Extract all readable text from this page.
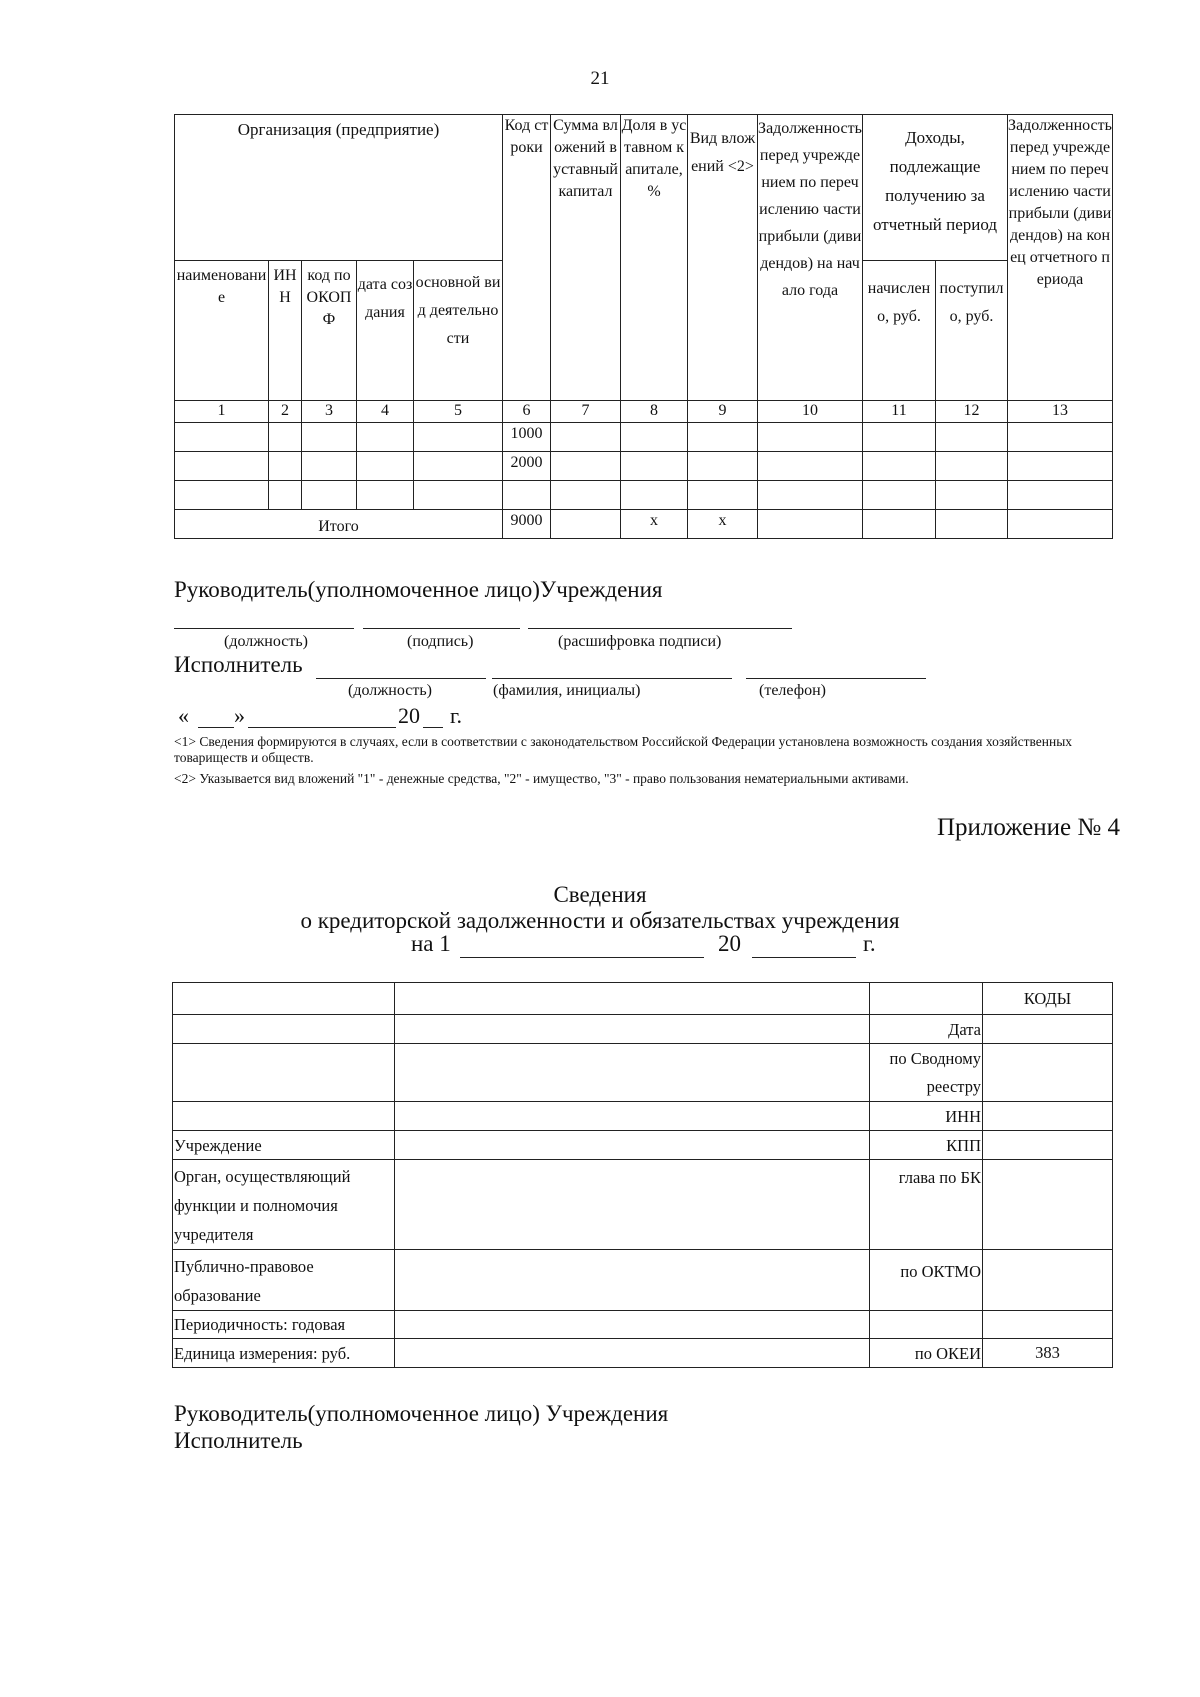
21
Организация (предприятие)					Код строки	Сумма вложений в уставный капитал	Доля в уставном капитале, %	Вид вложений <2>	Задолженность перед учреждением по перечислению части прибыли (дивидендов) на начало года	Доходы, подлежащие получению за отчетный период		Задолженность перед учреждением по перечислению части прибыли (дивидендов) на конец отчетного периода
наименование	ИНН	код по ОКОПФ	дата создания	основной вид деятельности						начислено, руб.	поступило, руб.	
1	2	3	4	5	6	7	8	9	10	11	12	13
					1000							
					2000							

Итого					9000		х	х				
Руководитель(уполномоченное лицо)Учреждения
(должность)	(подпись)	(расшифровка подписи)
Исполнитель
(должность)	(фамилия, инициалы)	(телефон)
« »	20 г.
<1> Сведения формируются в случаях, если в соответствии с законодательством Российской Федерации установлена возможность создания хозяйственных товариществ и обществ.
<2> Указывается вид вложений "1" - денежные средства, "2" - имущество, "3" - право пользования нематериальными активами.
Приложение № 4
Сведения
о кредиторской задолженности и обязательствах учреждения
на 1	20	г.
			КОДЫ
		Дата	
		по Сводному реестру	
		ИНН	
Учреждение		КПП	
Орган, осуществляющий функции и полномочия учредителя		глава по БК	
Публично-правовое образование		по ОКТМО	
Периодичность: годовая			
Единица измерения: руб.		по ОКЕИ	383
Руководитель(уполномоченное лицо) Учреждения
Исполнитель
